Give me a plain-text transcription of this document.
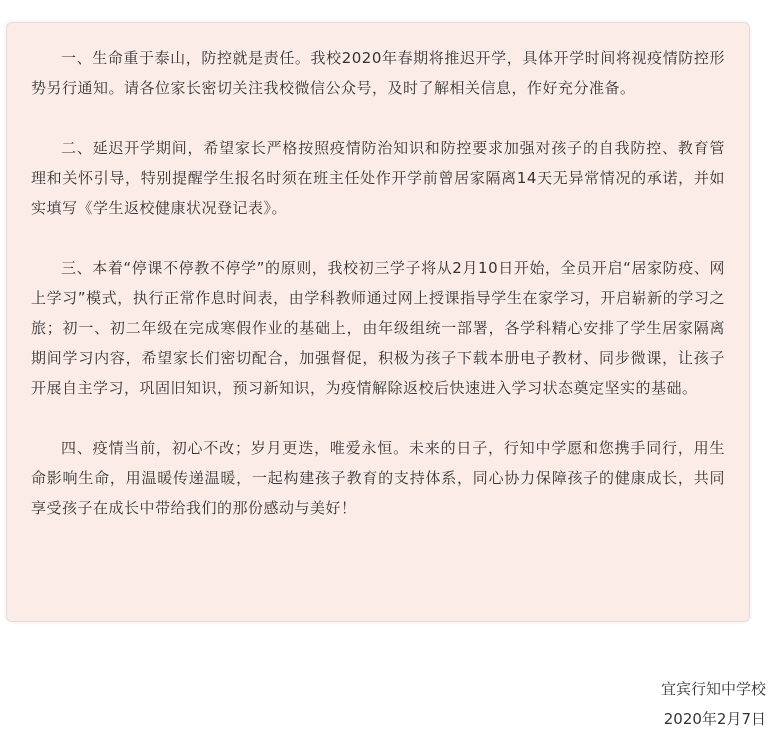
一、生命重于泰山，防控就是责任。我校2020年春期将推迟开学，具体开学时间将视疫情防控形势另行通知。请各位家长密切关注我校微信公众号，及时了解相关信息，作好充分准备。

二、延迟开学期间，希望家长严格按照疫情防治知识和防控要求加强对孩子的自我防控、教育管理和关怀引导，特别提醒学生报名时须在班主任处作开学前曾居家隔离14天无异常情况的承诺，并如实填写《学生返校健康状况登记表》。

三、本着“停课不停教不停学”的原则，我校初三学子将从2月10日开始，全员开启“居家防疫、网上学习”模式，执行正常作息时间表，由学科教师通过网上授课指导学生在家学习，开启崭新的学习之旅；初一、初二年级在完成寒假作业的基础上，由年级组统一部署，各学科精心安排了学生居家隔离期间学习内容，希望家长们密切配合，加强督促，积极为孩子下载本册电子教材、同步微课，让孩子开展自主学习，巩固旧知识，预习新知识，为疫情解除返校后快速进入学习状态奠定坚实的基础。

四、疫情当前，初心不改；岁月更迭，唯爱永恒。未来的日子，行知中学愿和您携手同行，用生命影响生命，用温暖传递温暖，一起构建孩子教育的支持体系，同心协力保障孩子的健康成长，共同享受孩子在成长中带给我们的那份感动与美好！

宜宾行知中学校
2020年2月7日
